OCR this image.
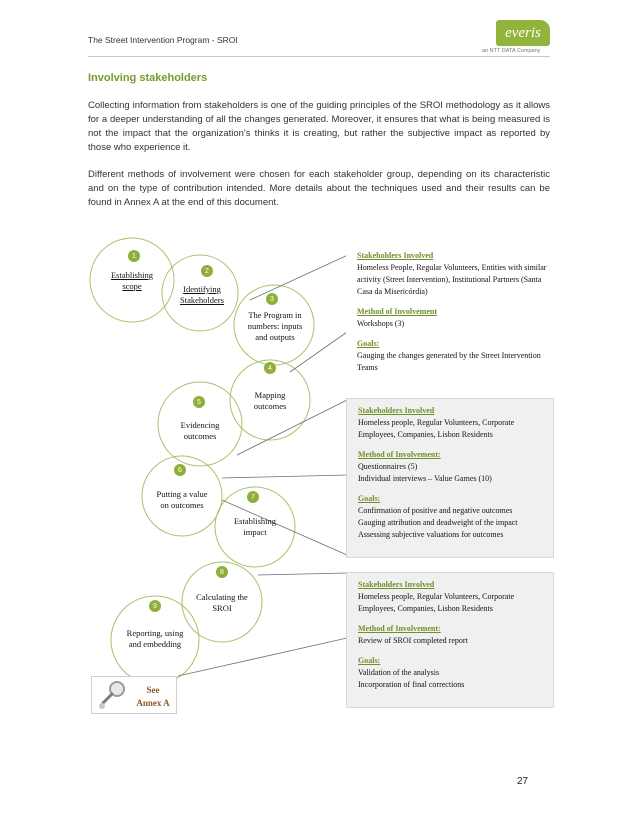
The Street Intervention Program - SROI	everis
an NTT DATA Company
Involving stakeholders

Collecting information from stakeholders is one of the guiding principles of the SROI methodology as it allows for a deeper understanding of all the changes generated. Moreover, it ensures that what is being measured is not the impact that the organization's thinks it is creating, but rather the subjective impact as reported by those who experience it.

Different methods of involvement were chosen for each stakeholder group, depending on its characteristic and on the type of contribution intended. More details about the techniques used and their results can be found in Annex A at the end of this document.

1
2
3
4
5
6
7
8
9
Establishing
scope	Identifying
Stakeholders
The Program in
numbers: inputs
and outputs
Mapping
outcomes
Evidencing
outcomes
Putting a value
on outcomes
Establishing
impact
Calculating the
SROI
Reporting, using
and embedding

Stakeholders Involved

Homeless People, Regular Volunteers, Entities with similar activity (Street Intervention), Institutional Partners (Santa Casa da Misericórdia)

Method of Involvement

Workshops (3)

Goals:

Gauging the changes generated by the Street Intervention Teams

Stakeholders Involved

Homeless people, Regular Volunteers, Corporate Employees, Companies, Lisbon Residents

Method of Involvement:

Questionnaires (5)

Individual interviews – Value Games (10)

Goals:

Confirmation of positive and negative outcomes

Gauging attribution and deadweight of the impact

Assessing subjective valuations for outcomes

Stakeholders Involved

Homeless people, Regular Volunteers, Corporate Employees, Companies, Lisbon Residents

Method of Involvement:

Review of SROI completed report

Goals:

Validation of the analysis

Incorporation of final corrections

See
Annex A
27
